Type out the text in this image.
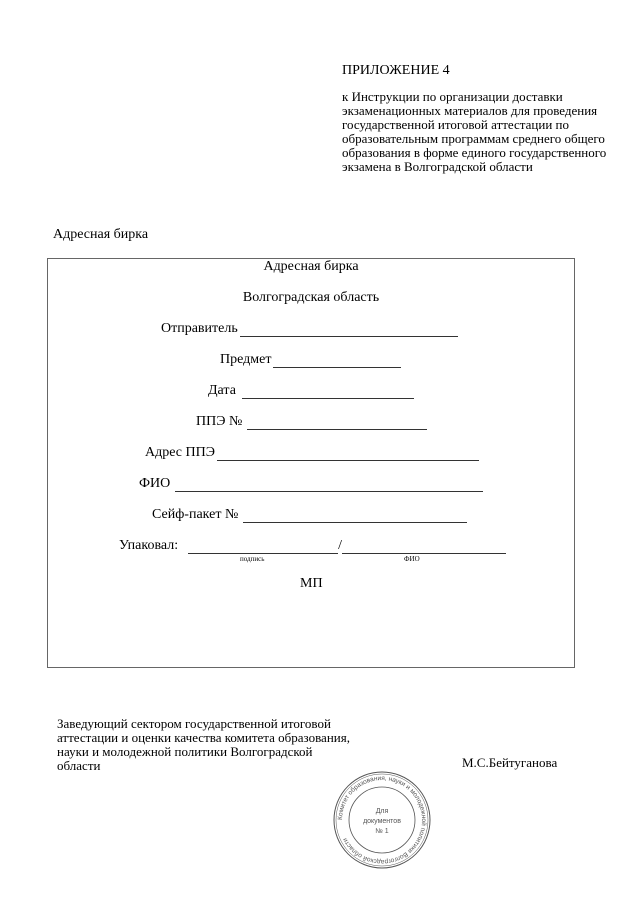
ПРИЛОЖЕНИЕ 4

к Инструкции по организации доставки экзаменационных материалов для проведения государственной итоговой аттестации по образовательным программам среднего общего образования в форме единого государственного экзамена в Волгоградской области

Адресная бирка
Адресная бирка
Волгоградская область
Отправитель
Предмет
Дата
ППЭ №
Адрес ППЭ
ФИО
Сейф-пакет №
Упаковал:	/
подпись	ФИО
МП

Заведующий сектором государственной итоговой аттестации и оценки качества комитета образования, науки и молодежной политики Волгоградской области	М.С.Бейтуганова
Комитет образования, науки и молодежной политики Волгоградской области
Для
документов
№ 1
